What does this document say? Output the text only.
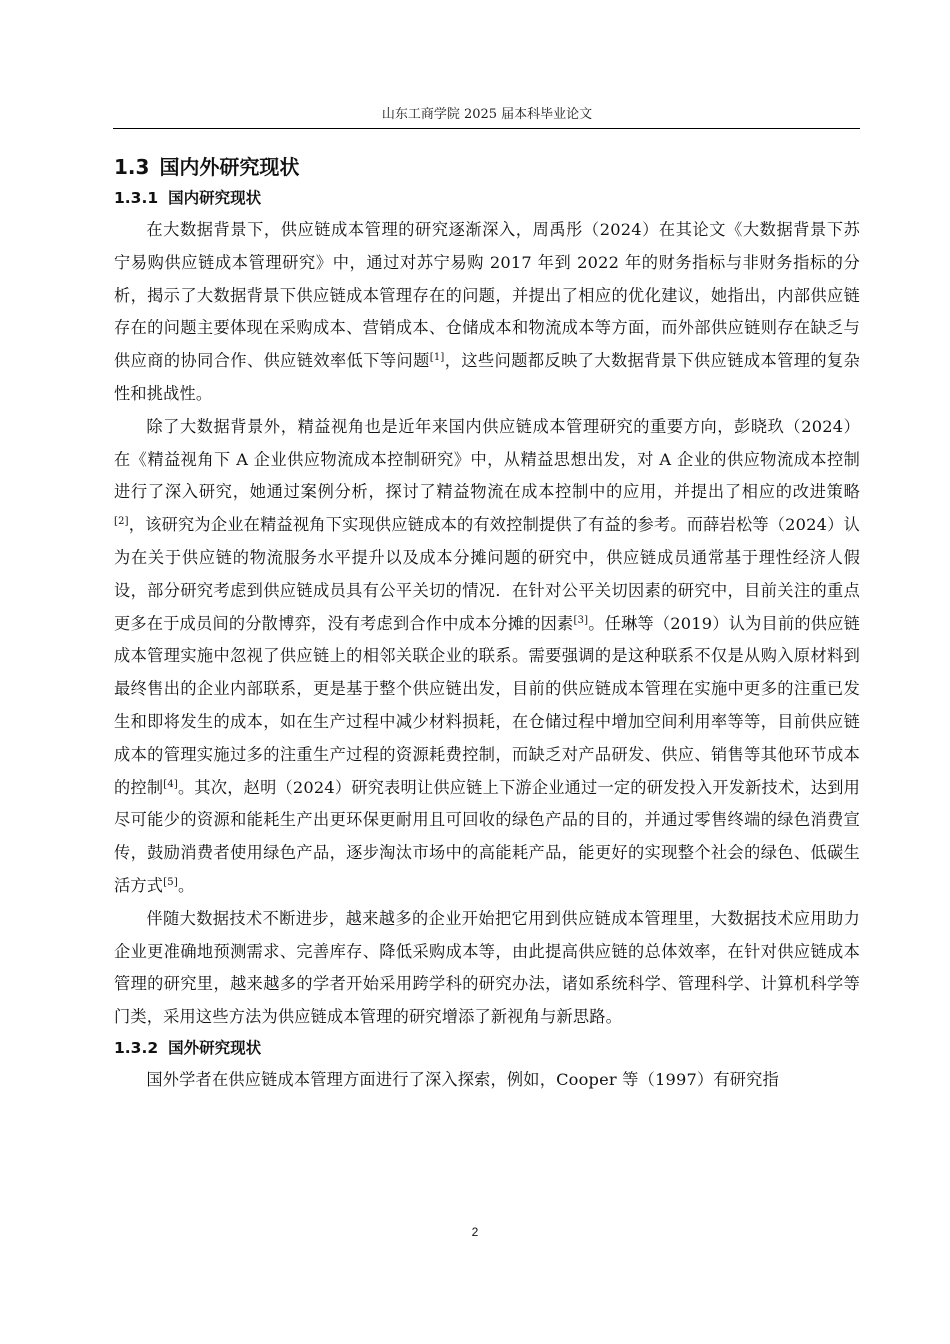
山东工商学院 2025 届本科毕业论文
1.3 国内外研究现状
1.3.1 国内研究现状

在大数据背景下，供应链成本管理的研究逐渐深入，周禹彤（2024）在其论文《大数据背景下苏宁易购供应链成本管理研究》中，通过对苏宁易购 2017 年到 2022 年的财务指标与非财务指标的分析，揭示了大数据背景下供应链成本管理存在的问题，并提出了相应的优化建议，她指出，内部供应链存在的问题主要体现在采购成本、营销成本、仓储成本和物流成本等方面，而外部供应链则存在缺乏与供应商的协同合作、供应链效率低下等问题[1]，这些问题都反映了大数据背景下供应链成本管理的复杂性和挑战性。

除了大数据背景外，精益视角也是近年来国内供应链成本管理研究的重要方向，彭晓玖（2024）在《精益视角下 A 企业供应物流成本控制研究》中，从精益思想出发，对 A 企业的供应物流成本控制进行了深入研究，她通过案例分析，探讨了精益物流在成本控制中的应用，并提出了相应的改进策略[2]，该研究为企业在精益视角下实现供应链成本的有效控制提供了有益的参考。而薛岩松等（2024）认为在关于供应链的物流服务水平提升以及成本分摊问题的研究中，供应链成员通常基于理性经济人假设，部分研究考虑到供应链成员具有公平关切的情况．在针对公平关切因素的研究中，目前关注的重点更多在于成员间的分散博弈，没有考虑到合作中成本分摊的因素[3]。任琳等（2019）认为目前的供应链成本管理实施中忽视了供应链上的相邻关联企业的联系。需要强调的是这种联系不仅是从购入原材料到最终售出的企业内部联系，更是基于整个供应链出发，目前的供应链成本管理在实施中更多的注重已发生和即将发生的成本，如在生产过程中减少材料损耗，在仓储过程中增加空间利用率等等，目前供应链成本的管理实施过多的注重生产过程的资源耗费控制，而缺乏对产品研发、供应、销售等其他环节成本的控制[4]。其次，赵明（2024）研究表明让供应链上下游企业通过一定的研发投入开发新技术，达到用尽可能少的资源和能耗生产出更环保更耐用且可回收的绿色产品的目的，并通过零售终端的绿色消费宣传，鼓励消费者使用绿色产品，逐步淘汰市场中的高能耗产品，能更好的实现整个社会的绿色、低碳生活方式[5]。

伴随大数据技术不断进步，越来越多的企业开始把它用到供应链成本管理里，大数据技术应用助力企业更准确地预测需求、完善库存、降低采购成本等，由此提高供应链的总体效率，在针对供应链成本管理的研究里，越来越多的学者开始采用跨学科的研究办法，诸如系统科学、管理科学、计算机科学等门类，采用这些方法为供应链成本管理的研究增添了新视角与新思路。

1.3.2 国外研究现状

国外学者在供应链成本管理方面进行了深入探索，例如，Cooper 等（1997）有研究指

2
